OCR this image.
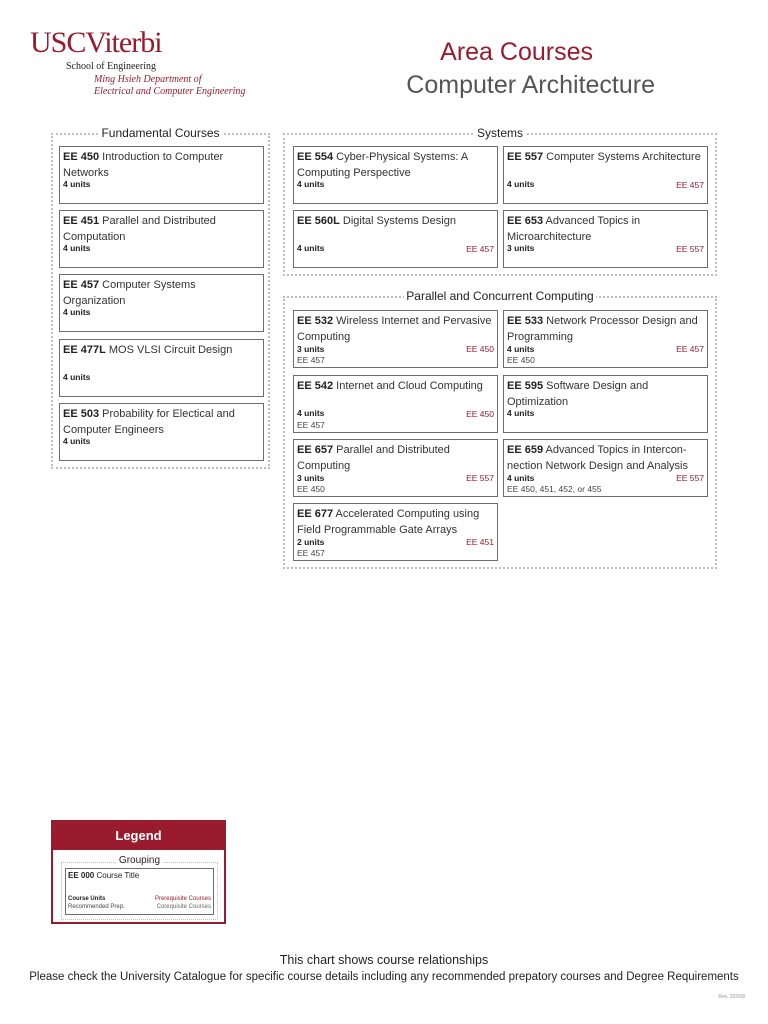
USCViterbi
School of Engineering
Ming Hsieh Department of
Electrical and Computer Engineering
Area Courses
Computer Architecture
Fundamental Courses
EE 450 Introduction to Computer Networks
4 units
EE 451 Parallel and Distributed Computation
4 units
EE 457 Computer Systems Organization
4 units
EE 477L MOS VLSI Circuit Design
4 units
EE 503 Probability for Electical and Computer Engineers
4 units
Systems
EE 554 Cyber-Physical Systems: A Computing Perspective
4 units
EE 557 Computer Systems Architecture
4 units	EE 457
EE 560L Digital Systems Design
4 units	EE 457
EE 653 Advanced Topics in Microarchitecture
3 units	EE 557
Parallel and Concurrent Computing
EE 532 Wireless Internet and Pervasive Computing
3 units	EE 450
EE 457
EE 533 Network Processor Design and Programming
4 units	EE 457
EE 450
EE 542 Internet and Cloud Computing
4 units	EE 450
EE 457
EE 595 Software Design and Optimization
4 units
EE 657 Parallel and Distributed Computing
3 units	EE 557
EE 450
EE 659 Advanced Topics in Intercon-nection Network Design and Analysis
4 units	EE 557
EE 450, 451, 452, or 455
EE 677 Accelerated Computing using Field Programmable Gate Arrays
2 units	EE 451
EE 457
Legend
Grouping
EE 000 Course Title
Course Units
Recommended Prep.
Prerequisite Courses
Corequisite Courses
This chart shows course relationships
Please check the University Catalogue for specific course details including any recommended prepatory courses and Degree Requirements
Rev. 2020/8
